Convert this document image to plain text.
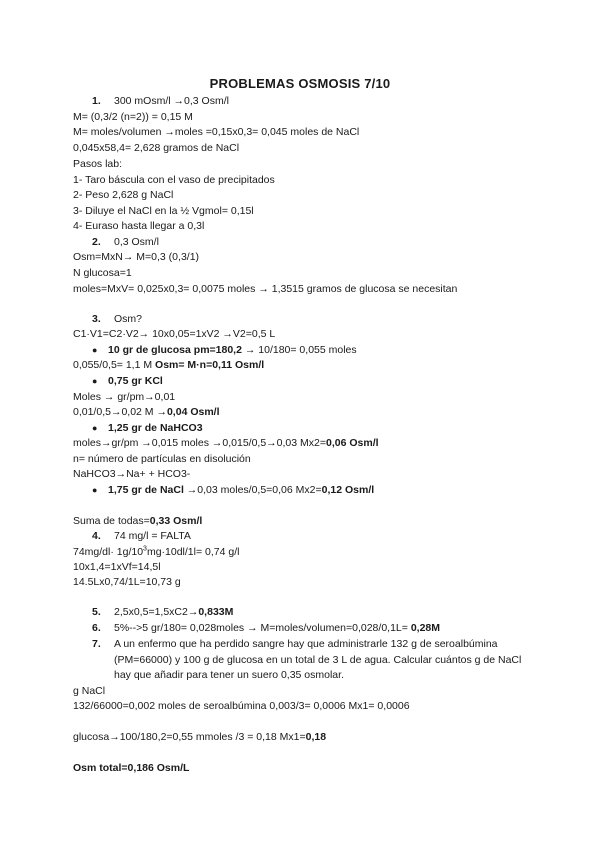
PROBLEMAS OSMOSIS 7/10
1. 300 mOsm/l →0,3 Osm/l
M= (0,3/2 (n=2)) = 0,15 M
M= moles/volumen →moles =0,15x0,3= 0,045 moles de NaCl
0,045x58,4= 2,628 gramos de NaCl
Pasos lab:
1- Taro báscula con el vaso de precipitados
2- Peso 2,628 g NaCl
3- Diluye el NaCl en la ½ Vgmol= 0,15l
4- Euraso hasta llegar a 0,3l
2. 0,3 Osm/l
Osm=MxN→ M=0,3 (0,3/1)
N glucosa=1
moles=MxV= 0,025x0,3= 0,0075 moles → 1,3515 gramos de glucosa se necesitan
3. Osm?
C1·V1=C2·V2→ 10x0,05=1xV2 →V2=0,5 L
● 10 gr de glucosa pm=180,2 → 10/180= 0,055 moles
0,055/0,5= 1,1 M Osm= M·n=0,11 Osm/l
● 0,75 gr KCl
Moles → gr/pm→0,01
0,01/0,5→0,02 M →0,04 Osm/l
● 1,25 gr de NaHCO3
moles→gr/pm →0,015 moles →0,015/0,5→0,03 Mx2=0,06 Osm/l
n= número de partículas en disolución
NaHCO3→Na+ + HCO3-
● 1,75 gr de NaCl →0,03 moles/0,5=0,06 Mx2=0,12 Osm/l
Suma de todas=0,33 Osm/l
4. 74 mg/l = FALTA
$74mg/dl\cdot 1g/10^3mg\cdot 10dl/1l= 0,74$ g/l
10x1,4=1xVf=14,5l
14.5Lx0,74/1L=10,73 g
5. 2,5x0,5=1,5xC2→0,833M
6. 5%-->5 gr/180= 0,028moles → M=moles/volumen=0,028/0,1L= 0,28M
7.	A un enfermo que ha perdido sangre hay que administrarle 132 g de seroalbúmina (PM=66000) y 100 g de glucosa en un total de 3 L de agua. Calcular cuántos g de NaCl hay que añadir para tener un suero 0,35 osmolar.
g NaCl
132/66000=0,002 moles de seroalbúmina 0,003/3= 0,0006 Mx1= 0,0006
glucosa→100/180,2=0,55 mmoles /3 = 0,18 Mx1=0,18
Osm total=0,186 Osm/L
